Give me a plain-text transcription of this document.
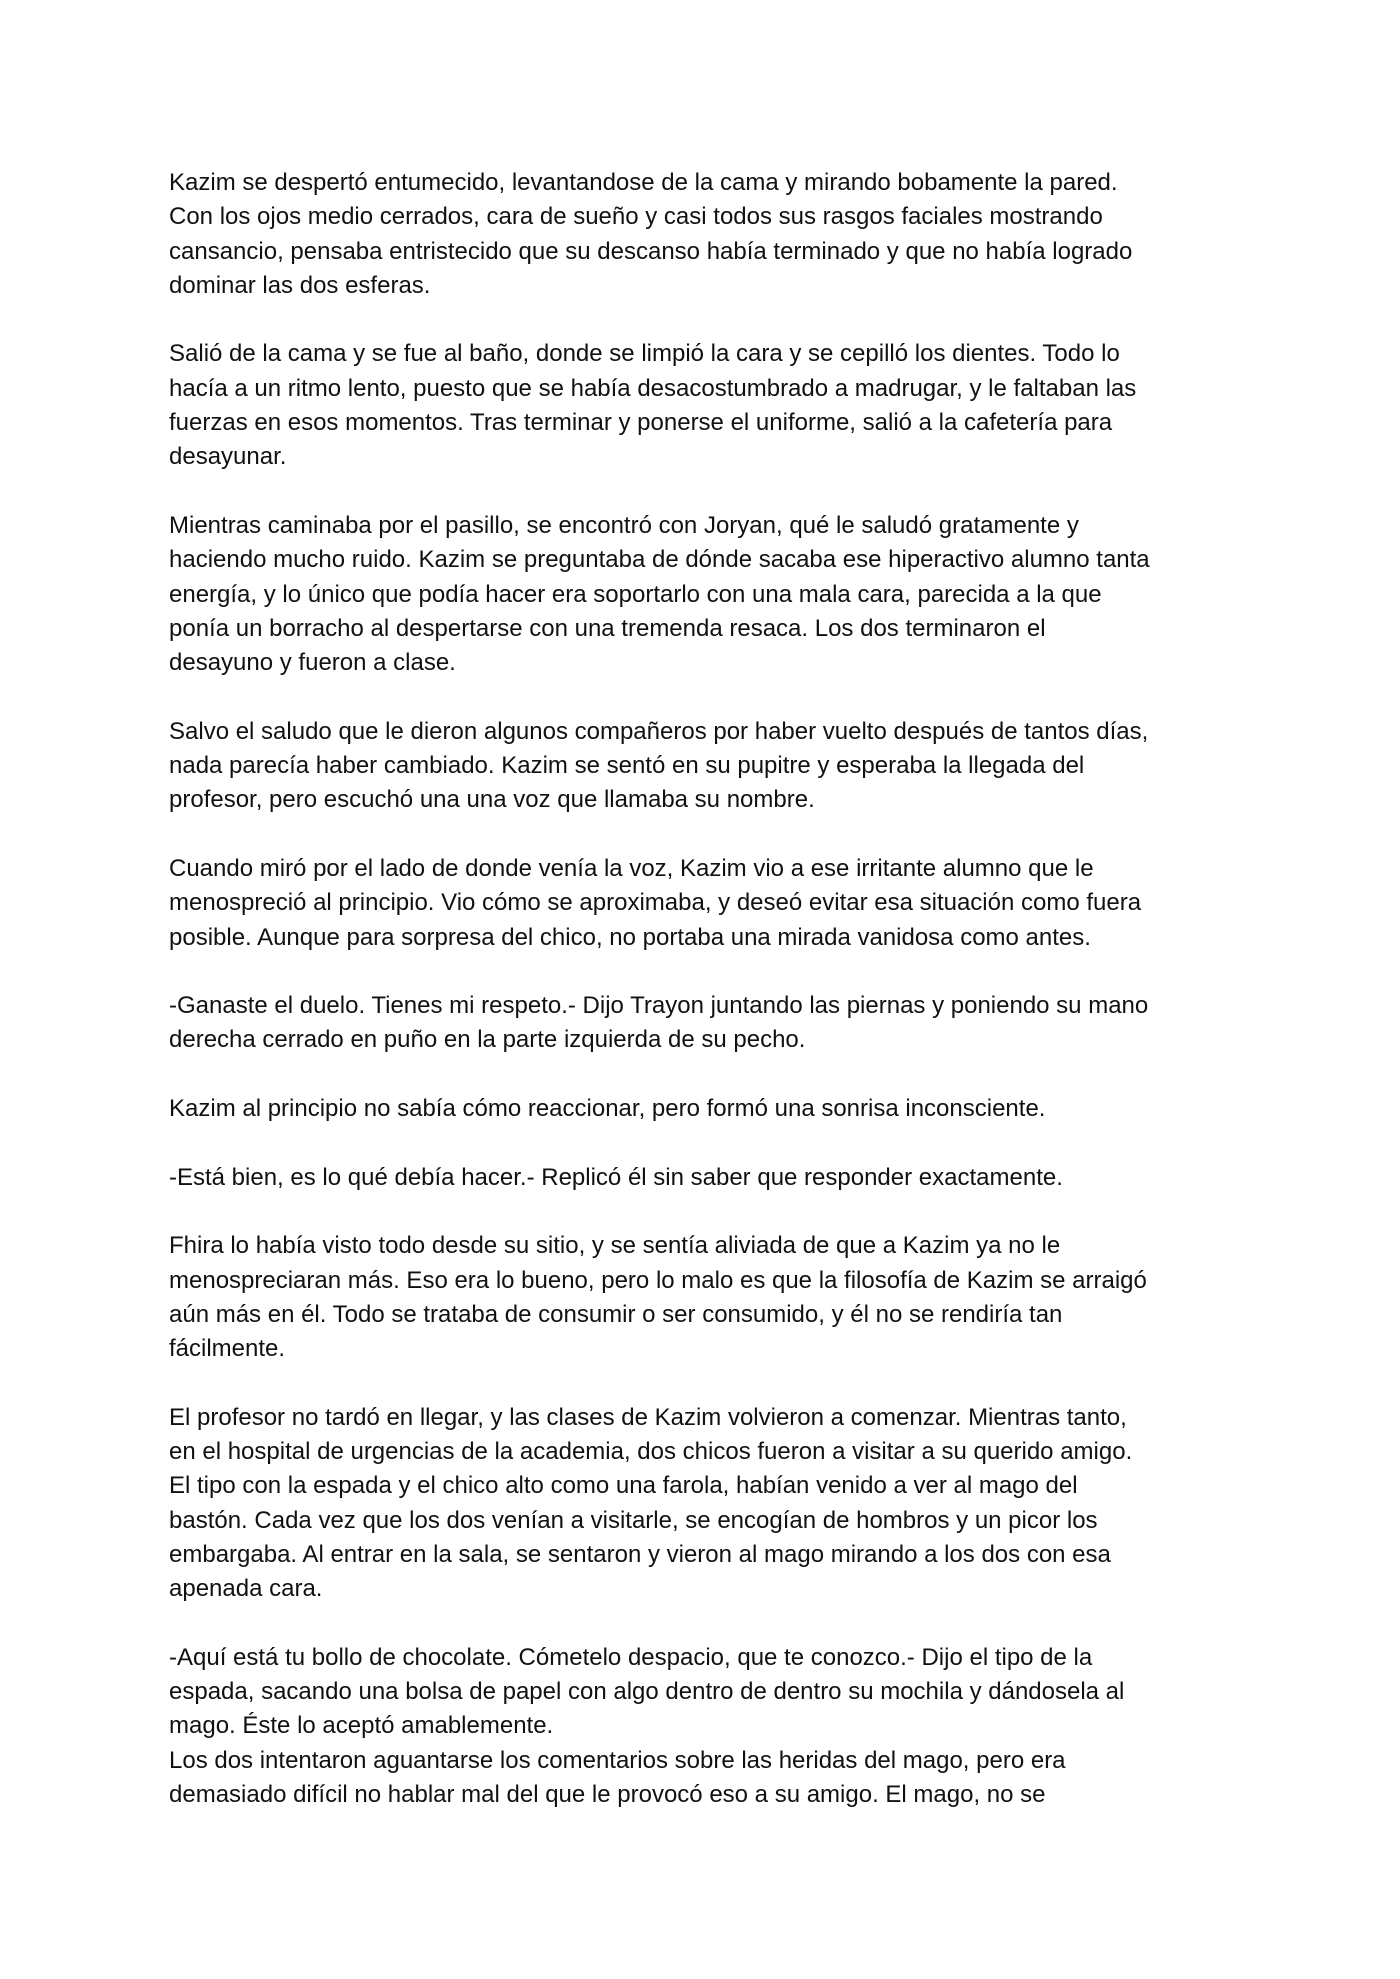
Kazim se despertó entumecido, levantandose de la cama y mirando bobamente la pared.
Con los ojos medio cerrados, cara de sueño y casi todos sus rasgos faciales mostrando
cansancio, pensaba entristecido que su descanso había terminado y que no había logrado
dominar las dos esferas.

Salió de la cama y se fue al baño, donde se limpió la cara y se cepilló los dientes. Todo lo
hacía a un ritmo lento, puesto que se había desacostumbrado a madrugar, y le faltaban las
fuerzas en esos momentos. Tras terminar y ponerse el uniforme, salió a la cafetería para
desayunar.

Mientras caminaba por el pasillo, se encontró con Joryan, qué le saludó gratamente y
haciendo mucho ruido. Kazim se preguntaba de dónde sacaba ese hiperactivo alumno tanta
energía, y lo único que podía hacer era soportarlo con una mala cara, parecida a la que
ponía un borracho al despertarse con una tremenda resaca. Los dos terminaron el
desayuno y fueron a clase.

Salvo el saludo que le dieron algunos compañeros por haber vuelto después de tantos días,
nada parecía haber cambiado. Kazim se sentó en su pupitre y esperaba la llegada del
profesor, pero escuchó una una voz que llamaba su nombre.

Cuando miró por el lado de donde venía la voz, Kazim vio a ese irritante alumno que le
menospreció al principio. Vio cómo se aproximaba, y deseó evitar esa situación como fuera
posible. Aunque para sorpresa del chico, no portaba una mirada vanidosa como antes.

-Ganaste el duelo. Tienes mi respeto.- Dijo Trayon juntando las piernas y poniendo su mano
derecha cerrado en puño en la parte izquierda de su pecho.

Kazim al principio no sabía cómo reaccionar, pero formó una sonrisa inconsciente.

-Está bien, es lo qué debía hacer.- Replicó él sin saber que responder exactamente.

Fhira lo había visto todo desde su sitio, y se sentía aliviada de que a Kazim ya no le
menospreciaran más. Eso era lo bueno, pero lo malo es que la filosofía de Kazim se arraigó
aún más en él. Todo se trataba de consumir o ser consumido, y él no se rendiría tan
fácilmente.

El profesor no tardó en llegar, y las clases de Kazim volvieron a comenzar. Mientras tanto,
en el hospital de urgencias de la academia, dos chicos fueron a visitar a su querido amigo.
El tipo con la espada y el chico alto como una farola, habían venido a ver al mago del
bastón. Cada vez que los dos venían a visitarle, se encogían de hombros y un picor los
embargaba. Al entrar en la sala, se sentaron y vieron al mago mirando a los dos con esa
apenada cara.

-Aquí está tu bollo de chocolate. Cómetelo despacio, que te conozco.- Dijo el tipo de la
espada, sacando una bolsa de papel con algo dentro de dentro su mochila y dándosela al
mago. Éste lo aceptó amablemente.
Los dos intentaron aguantarse los comentarios sobre las heridas del mago, pero era
demasiado difícil no hablar mal del que le provocó eso a su amigo. El mago, no se
